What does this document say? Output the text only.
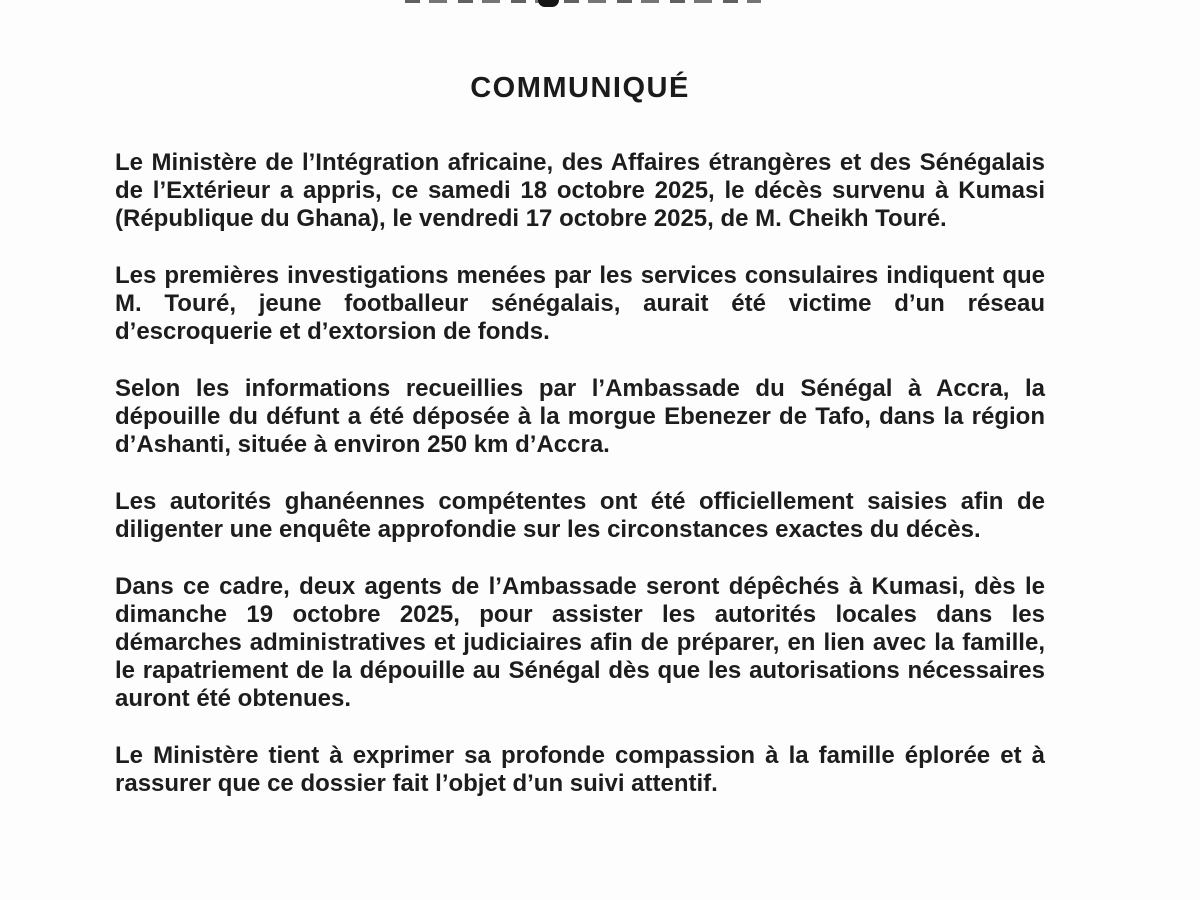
COMMUNIQUÉ

Le Ministère de l’Intégration africaine, des Affaires étrangères et des Sénégalais de l’Extérieur a appris, ce samedi 18 octobre 2025, le décès survenu à Kumasi (République du Ghana), le vendredi 17 octobre 2025, de M. Cheikh Touré.

Les premières investigations menées par les services consulaires indiquent que M. Touré, jeune footballeur sénégalais, aurait été victime d’un réseau d’escroquerie et d’extorsion de fonds.

Selon les informations recueillies par l’Ambassade du Sénégal à Accra, la dépouille du défunt a été déposée à la morgue Ebenezer de Tafo, dans la région d’Ashanti, située à environ 250 km d’Accra.

Les autorités ghanéennes compétentes ont été officiellement saisies afin de diligenter une enquête approfondie sur les circonstances exactes du décès.

Dans ce cadre, deux agents de l’Ambassade seront dépêchés à Kumasi, dès le dimanche 19 octobre 2025, pour assister les autorités locales dans les démarches administratives et judiciaires afin de préparer, en lien avec la famille, le rapatriement de la dépouille au Sénégal dès que les autorisations nécessaires auront été obtenues.

Le Ministère tient à exprimer sa profonde compassion à la famille éplorée et à rassurer que ce dossier fait l’objet d’un suivi attentif.
